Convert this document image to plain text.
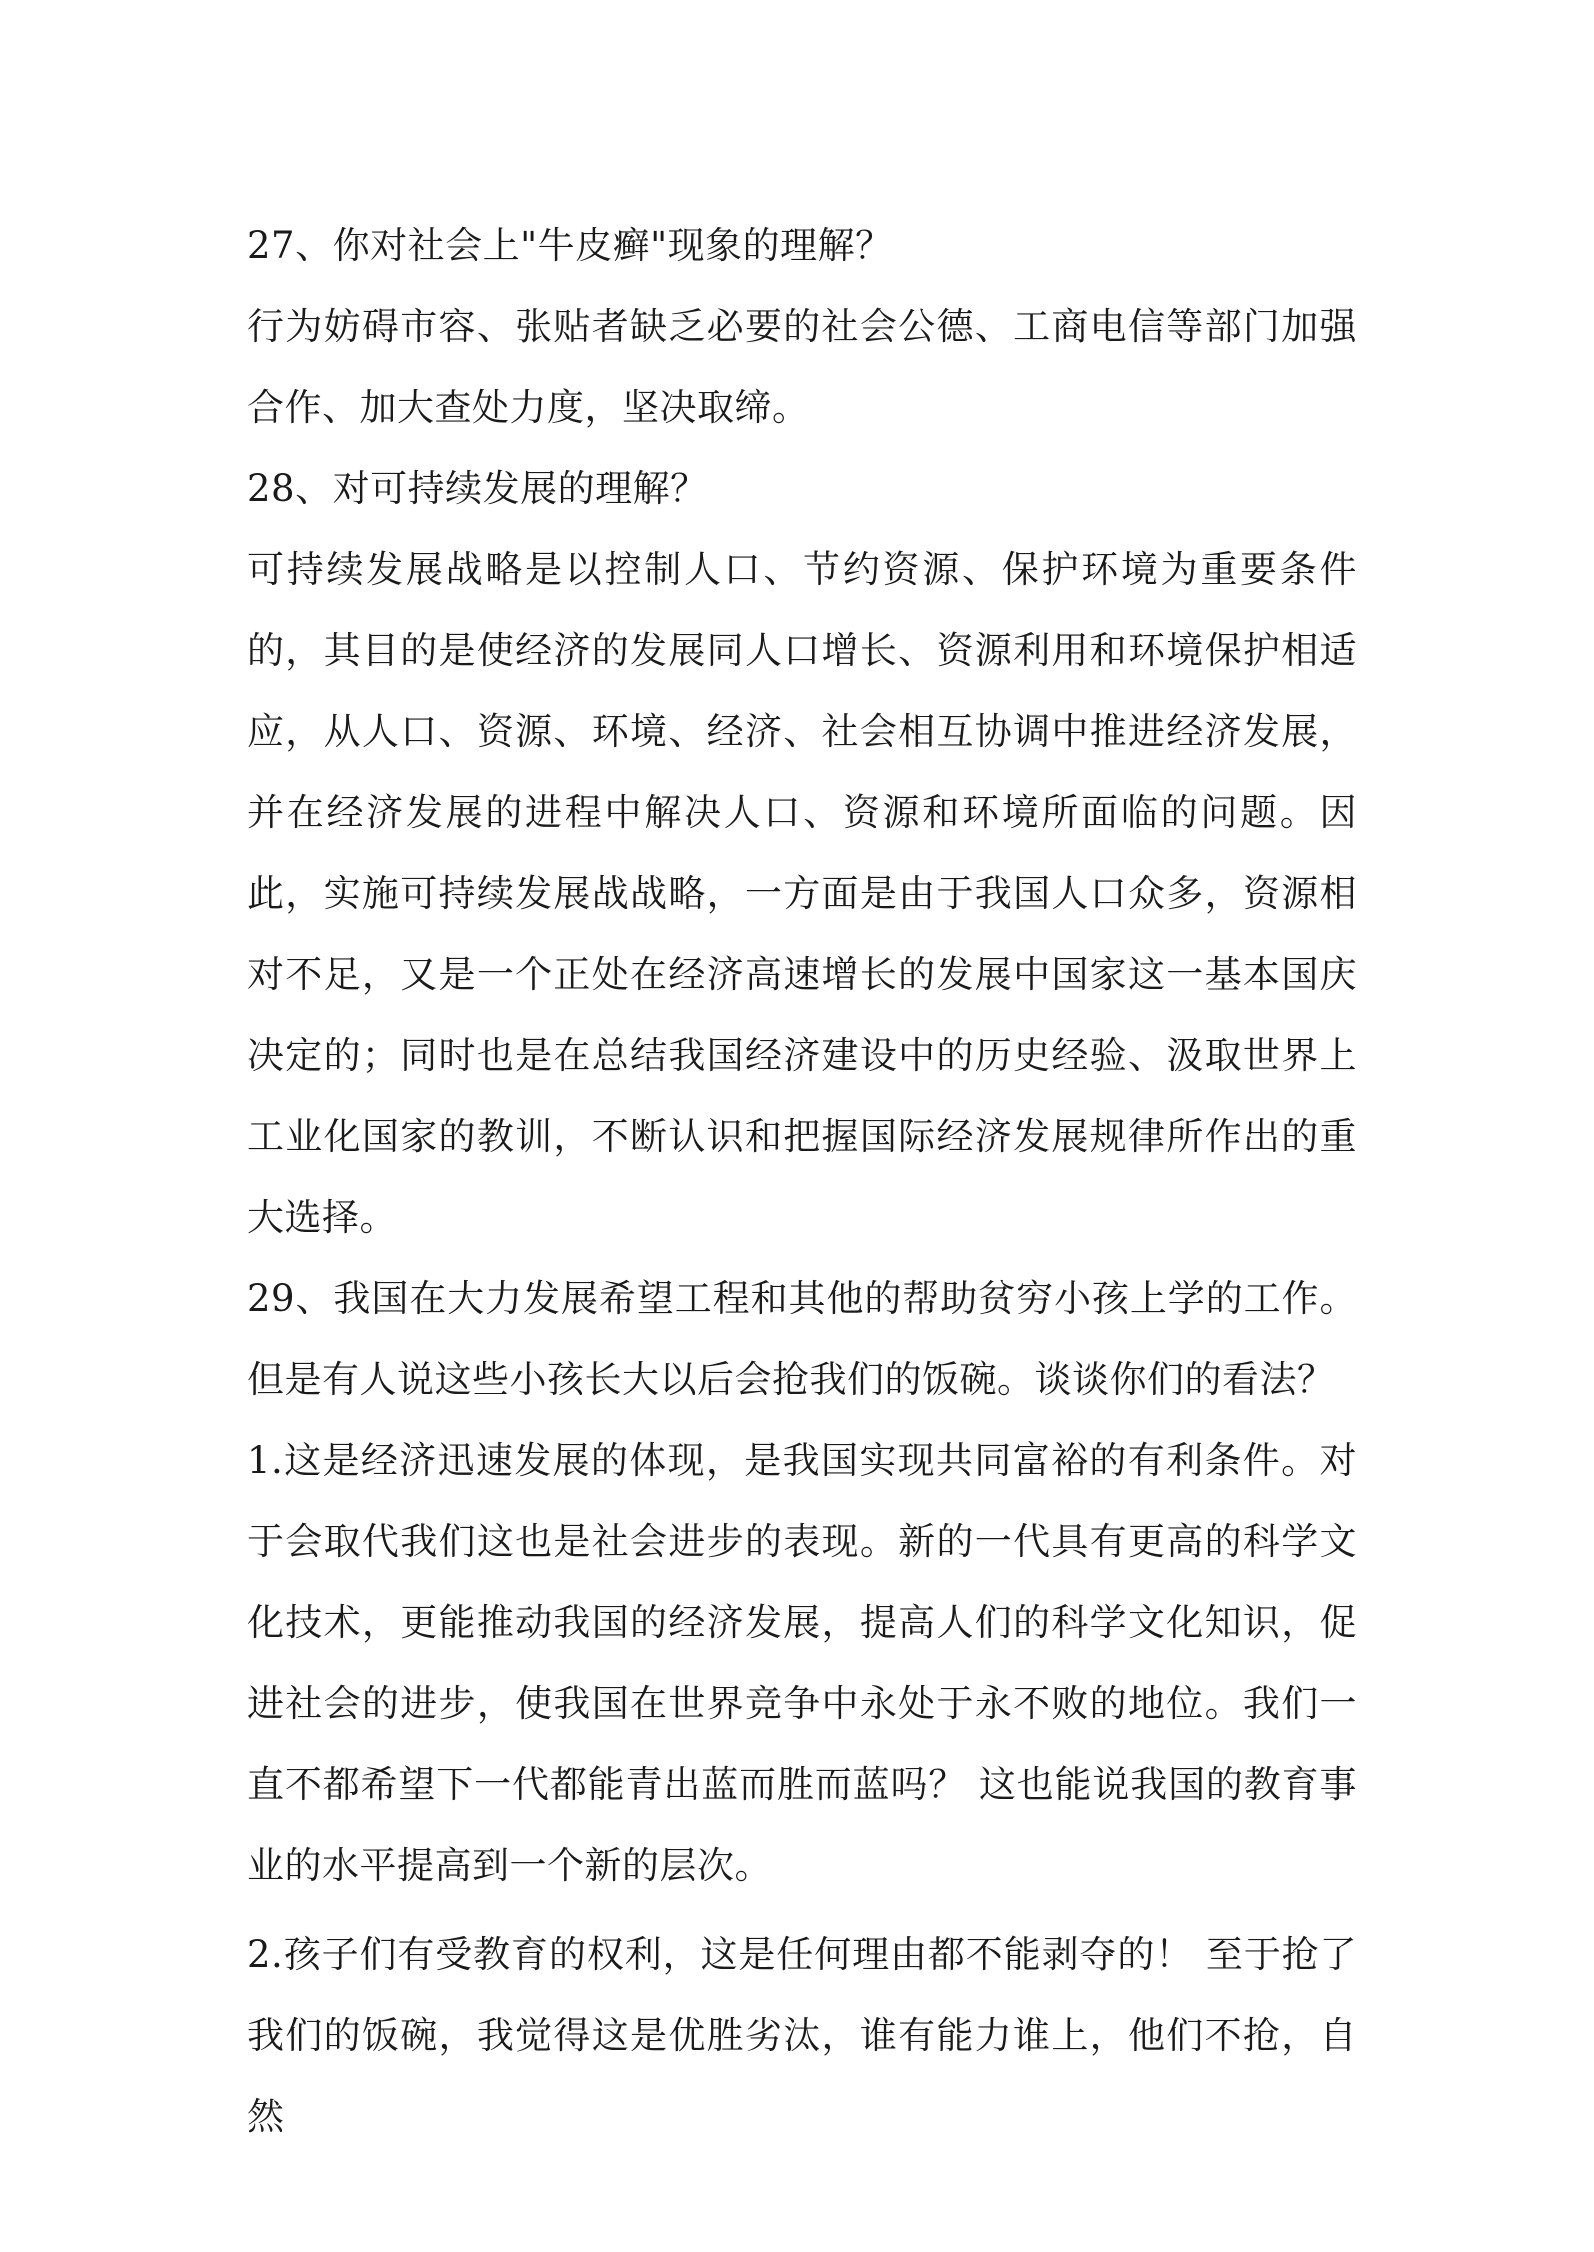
27、你对社会上"牛皮癣"现象的理解？

行为妨碍市容、张贴者缺乏必要的社会公德、工商电信等部门加强合作、加大查处力度，坚决取缔。

28、对可持续发展的理解？

可持续发展战略是以控制人口、节约资源、保护环境为重要条件的，其目的是使经济的发展同人口增长、资源利用和环境保护相适应，从人口、资源、环境、经济、社会相互协调中推进经济发展，并在经济发展的进程中解决人口、资源和环境所面临的问题。因此，实施可持续发展战战略，一方面是由于我国人口众多，资源相对不足，又是一个正处在经济高速增长的发展中国家这一基本国庆决定的；同时也是在总结我国经济建设中的历史经验、汲取世界上工业化国家的教训，不断认识和把握国际经济发展规律所作出的重大选择。

29、我国在大力发展希望工程和其他的帮助贫穷小孩上学的工作。但是有人说这些小孩长大以后会抢我们的饭碗。谈谈你们的看法？

1.这是经济迅速发展的体现，是我国实现共同富裕的有利条件。对于会取代我们这也是社会进步的表现。新的一代具有更高的科学文化技术，更能推动我国的经济发展，提高人们的科学文化知识，促进社会的进步，使我国在世界竞争中永处于永不败的地位。我们一直不都希望下一代都能青出蓝而胜而蓝吗？ 这也能说我国的教育事业的水平提高到一个新的层次。

2.孩子们有受教育的权利，这是任何理由都不能剥夺的！ 至于抢了我们的饭碗，我觉得这是优胜劣汰，谁有能力谁上，他们不抢，自然
